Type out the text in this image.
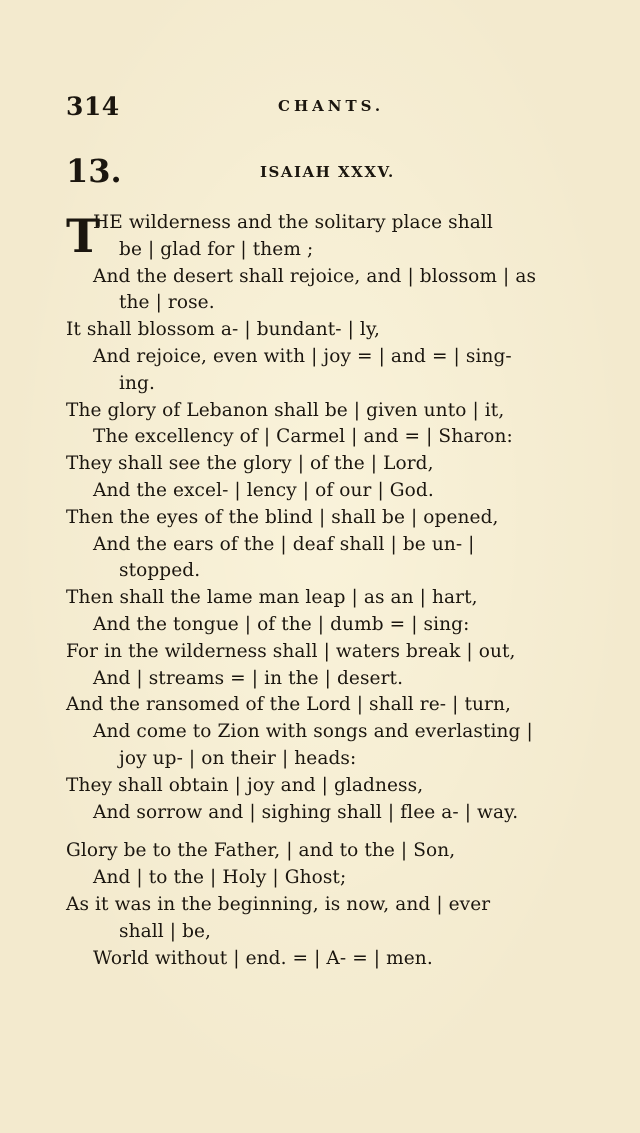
314	CHANTS.
13.	ISAIAH XXXV.
T
HE wilderness and the solitary place shall
be | glad for | them ;
And the desert shall rejoice, and | blossom | as
the | rose.
It shall blossom a- | bundant- | ly,
And rejoice, even with | joy = | and = | sing-
ing.
The glory of Lebanon shall be | given unto | it,
The excellency of | Carmel | and = | Sharon:
They shall see the glory | of the | Lord,
And the excel- | lency | of our | God.
Then the eyes of the blind | shall be | opened,
And the ears of the | deaf shall | be un- |
stopped.
Then shall the lame man leap | as an | hart,
And the tongue | of the | dumb = | sing:
For in the wilderness shall | waters break | out,
And | streams = | in the | desert.
And the ransomed of the Lord | shall re- | turn,
And come to Zion with songs and everlasting |
joy up- | on their | heads:
They shall obtain | joy and | gladness,
And sorrow and | sighing shall | flee a- | way.
Glory be to the Father, | and to the | Son,
And | to the | Holy | Ghost;
As it was in the beginning, is now, and | ever
shall | be,
World without | end. = | A- = | men.
